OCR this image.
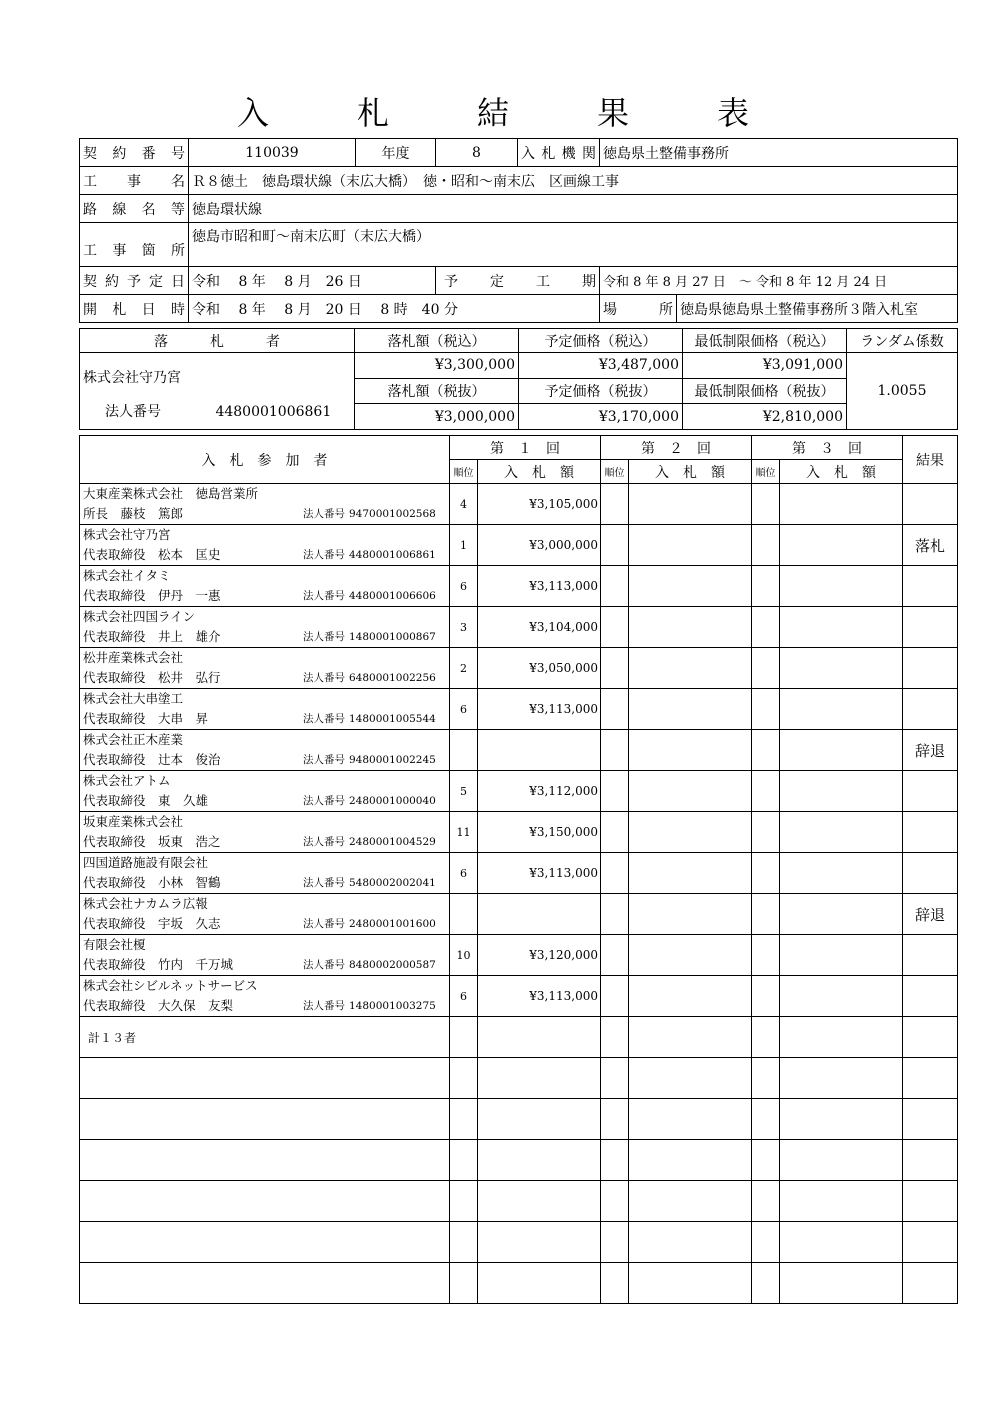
入　札　結　果　表
契約番号	110039	年度	8	入札機関	徳島県土整備事務所	
工事名	Ｒ８徳土　徳島環状線（末広大橋）　徳・昭和～南末広　区画線工事					
路線名等	徳島環状線					
工事箇所	徳島市昭和町～南末広町（末広大橋）					
契約予定日	令和　 8 年　 8 月　26 日		予定工期		令和 8 年 8 月 27 日　～ 令和 8 年 12 月 24 日	
開札日時	令和　 8 年　 8 月　20 日　 8 時　40 分				場所	徳島県徳島県土整備事務所３階入札室
落　　　札　　　者	落札額（税込）	予定価格（税込）	最低制限価格（税込）	ランダム係数

株式会社守乃宮
法人番号 4480001006861	¥3,300,000	¥3,487,000	¥3,091,000	1.0055
	落札額（税抜）	予定価格（税抜）	最低制限価格（税抜）	
	¥3,000,000	¥3,170,000	¥2,810,000	
入　札　参　加　者	第　１　回		第　２　回		第　３　回		結果
	順位	入　札　額	順位	入　札　額	順位	入　札　額	

大東産業株式会社　徳島営業所
所長　藤枝　篤郎 法人番号 9470001002568	4	¥3,105,000					

株式会社守乃宮
代表取締役　松本　匡史 法人番号 4480001006861	1	¥3,000,000					落札

株式会社イタミ
代表取締役　伊丹　一惠 法人番号 4480001006606	6	¥3,113,000					

株式会社四国ライン
代表取締役　井上　雄介 法人番号 1480001000867	3	¥3,104,000					

松井産業株式会社
代表取締役　松井　弘行 法人番号 6480001002256	2	¥3,050,000					

株式会社大串塗工
代表取締役　大串　昇 法人番号 1480001005544	6	¥3,113,000					

株式会社正木産業
代表取締役　辻本　俊治 法人番号 9480001002245							辞退

株式会社アトム
代表取締役　東　久雄 法人番号 2480001000040	5	¥3,112,000					

坂東産業株式会社
代表取締役　坂東　浩之 法人番号 2480001004529	11	¥3,150,000					

四国道路施設有限会社
代表取締役　小林　智鶴 法人番号 5480002002041	6	¥3,113,000					

株式会社ナカムラ広報
代表取締役　宇坂　久志 法人番号 2480001001600							辞退

有限会社榎
代表取締役　竹内　千万城 法人番号 8480002000587	10	¥3,120,000					

株式会社シビルネットサービス
代表取締役　大久保　友梨 法人番号 1480001003275	6	¥3,113,000					
計１３者							
